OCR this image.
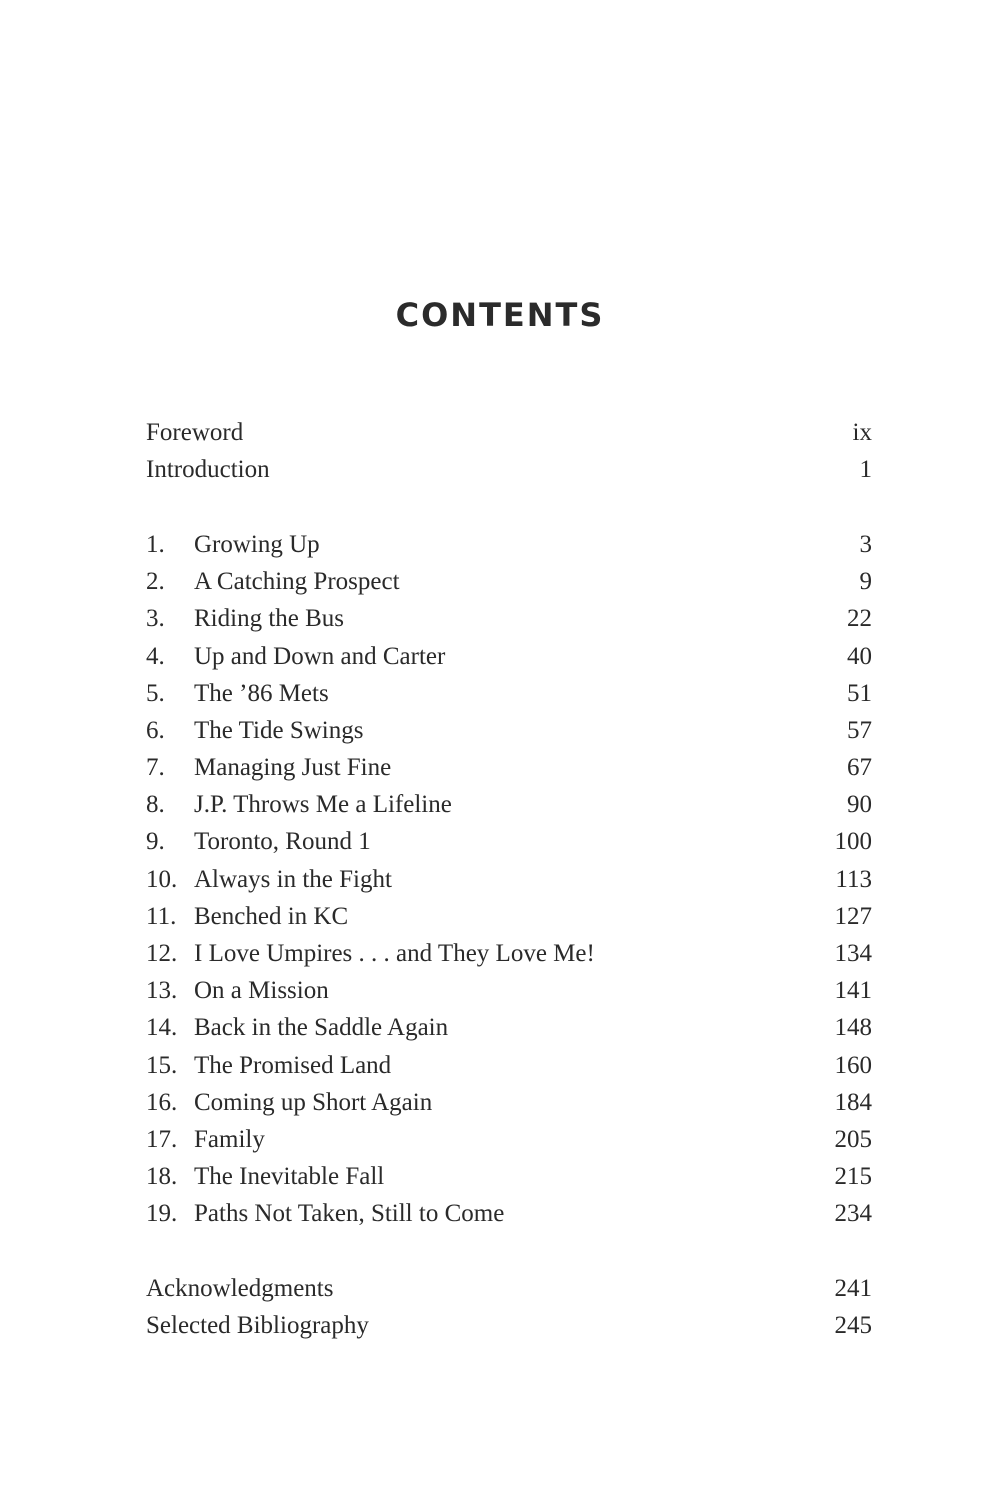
CONTENTS
Foreword	ix
Introduction	1
1.	Growing Up	3
2.	A Catching Prospect	9
3.	Riding the Bus	22
4.	Up and Down and Carter	40
5.	The ’86 Mets	51
6.	The Tide Swings	57
7.	Managing Just Fine	67
8.	J.P. Throws Me a Lifeline	90
9.	Toronto, Round 1	100
10. Always in the Fight	113
11. Benched in KC	127
12. I Love Umpires . . . and They Love Me!	134
13. On a Mission	141
14. Back in the Saddle Again	148
15. The Promised Land	160
16. Coming up Short Again	184
17. Family	205
18. The Inevitable Fall	215
19. Paths Not Taken, Still to Come	234
Acknowledgments	241
Selected Bibliography	245
